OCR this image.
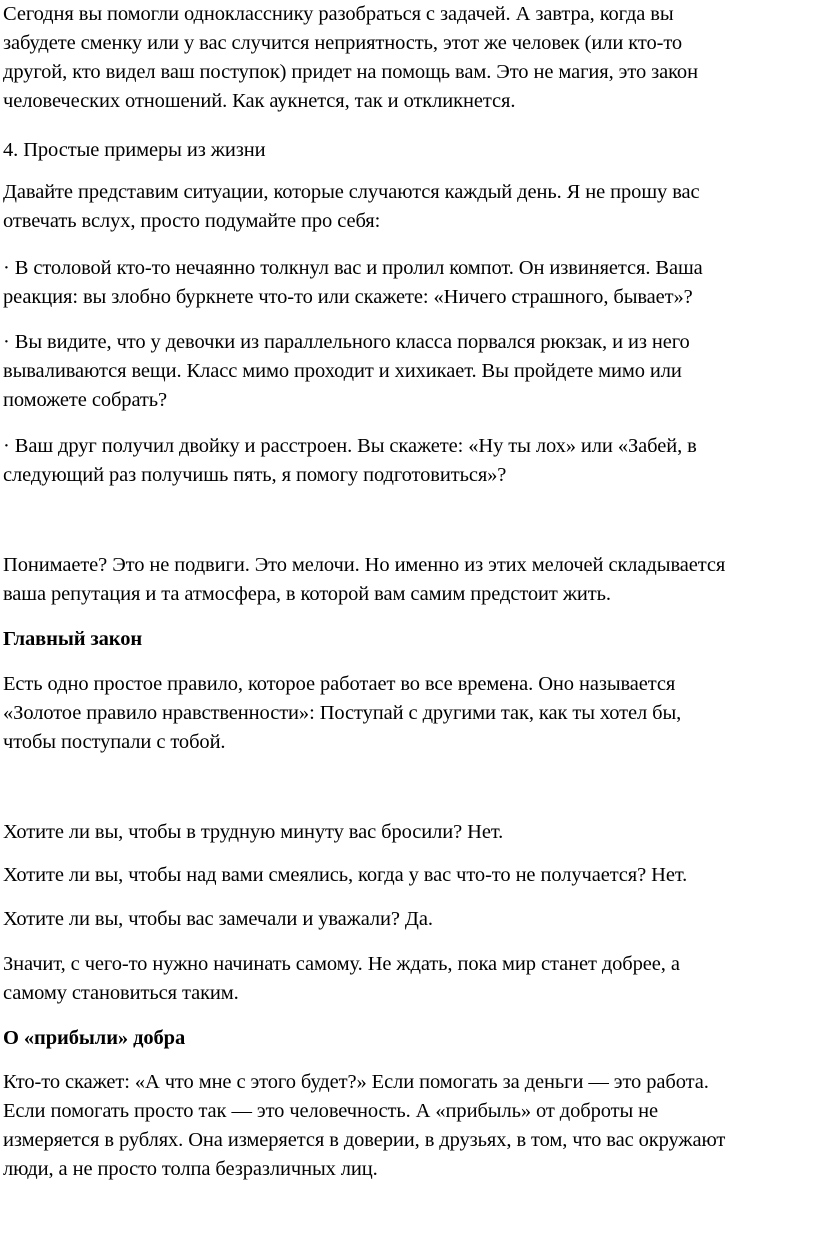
Сегодня вы помогли однокласснику разобраться с задачей. А завтра, когда вы
забудете сменку или у вас случится неприятность, этот же человек (или кто-то
другой, кто видел ваш поступок) придет на помощь вам. Это не магия, это закон
человеческих отношений. Как аукнется, так и откликнется.

4. Простые примеры из жизни

Давайте представим ситуации, которые случаются каждый день. Я не прошу вас
отвечать вслух, просто подумайте про себя:

· В столовой кто-то нечаянно толкнул вас и пролил компот. Он извиняется. Ваша
реакция: вы злобно буркнете что-то или скажете: «Ничего страшного, бывает»?

· Вы видите, что у девочки из параллельного класса порвался рюкзак, и из него
вываливаются вещи. Класс мимо проходит и хихикает. Вы пройдете мимо или
поможете собрать?

· Ваш друг получил двойку и расстроен. Вы скажете: «Ну ты лох» или «Забей, в
следующий раз получишь пять, я помогу подготовиться»?

Понимаете? Это не подвиги. Это мелочи. Но именно из этих мелочей складывается
ваша репутация и та атмосфера, в которой вам самим предстоит жить.

Главный закон

Есть одно простое правило, которое работает во все времена. Оно называется
«Золотое правило нравственности»: Поступай с другими так, как ты хотел бы,
чтобы поступали с тобой.

Хотите ли вы, чтобы в трудную минуту вас бросили? Нет.

Хотите ли вы, чтобы над вами смеялись, когда у вас что-то не получается? Нет.

Хотите ли вы, чтобы вас замечали и уважали? Да.

Значит, с чего-то нужно начинать самому. Не ждать, пока мир станет добрее, а
самому становиться таким.

О «прибыли» добра

Кто-то скажет: «А что мне с этого будет?» Если помогать за деньги — это работа.
Если помогать просто так — это человечность. А «прибыль» от доброты не
измеряется в рублях. Она измеряется в доверии, в друзьях, в том, что вас окружают
люди, а не просто толпа безразличных лиц.
